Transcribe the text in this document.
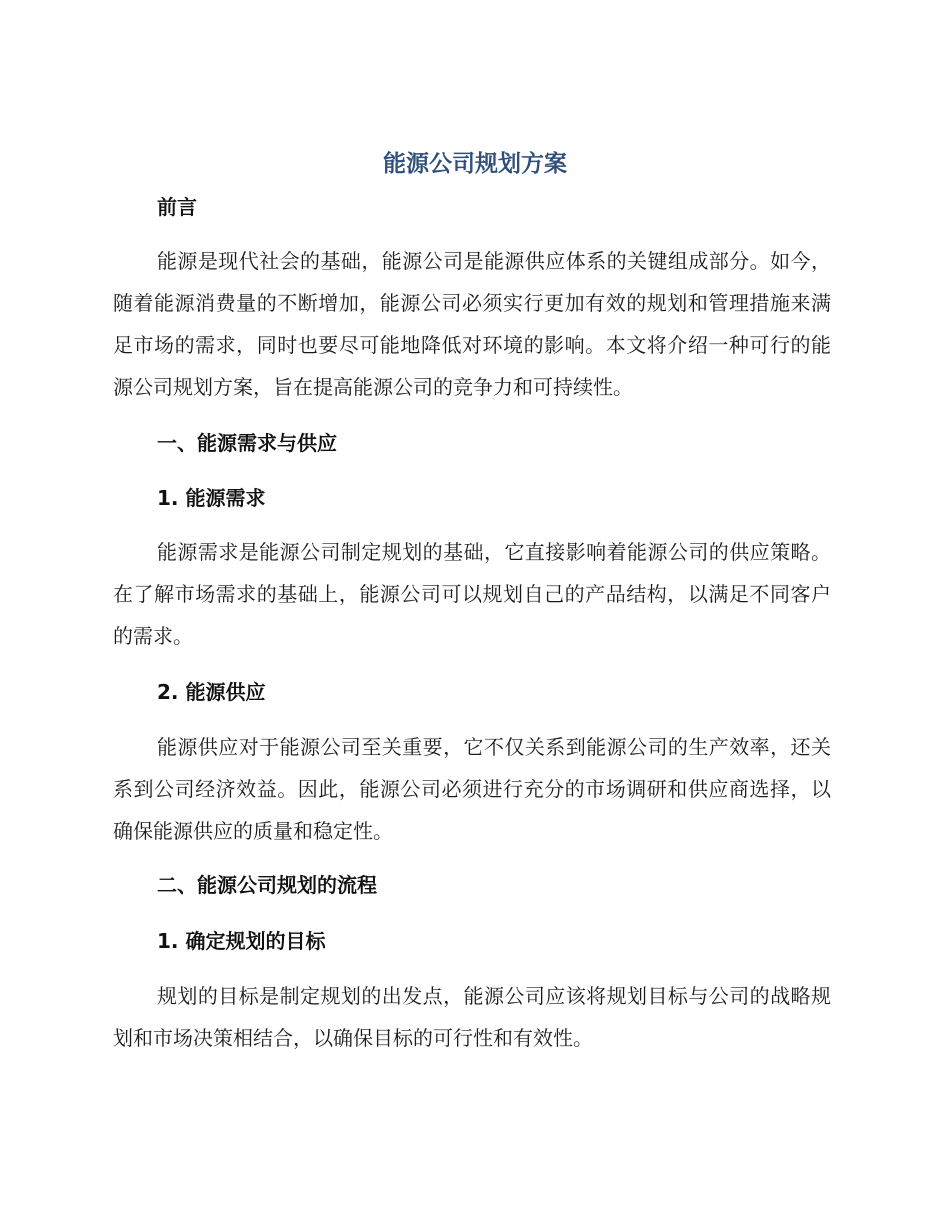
能源公司规划方案
前言
能源是现代社会的基础，能源公司是能源供应体系的关键组成部分。如今，随着能源消费量的不断增加，能源公司必须实行更加有效的规划和管理措施来满足市场的需求，同时也要尽可能地降低对环境的影响。本文将介绍一种可行的能源公司规划方案，旨在提高能源公司的竞争力和可持续性。
一、能源需求与供应
1. 能源需求
能源需求是能源公司制定规划的基础，它直接影响着能源公司的供应策略。在了解市场需求的基础上，能源公司可以规划自己的产品结构，以满足不同客户的需求。
2. 能源供应
能源供应对于能源公司至关重要，它不仅关系到能源公司的生产效率，还关系到公司经济效益。因此，能源公司必须进行充分的市场调研和供应商选择，以确保能源供应的质量和稳定性。
二、能源公司规划的流程
1. 确定规划的目标
规划的目标是制定规划的出发点，能源公司应该将规划目标与公司的战略规划和市场决策相结合，以确保目标的可行性和有效性。
